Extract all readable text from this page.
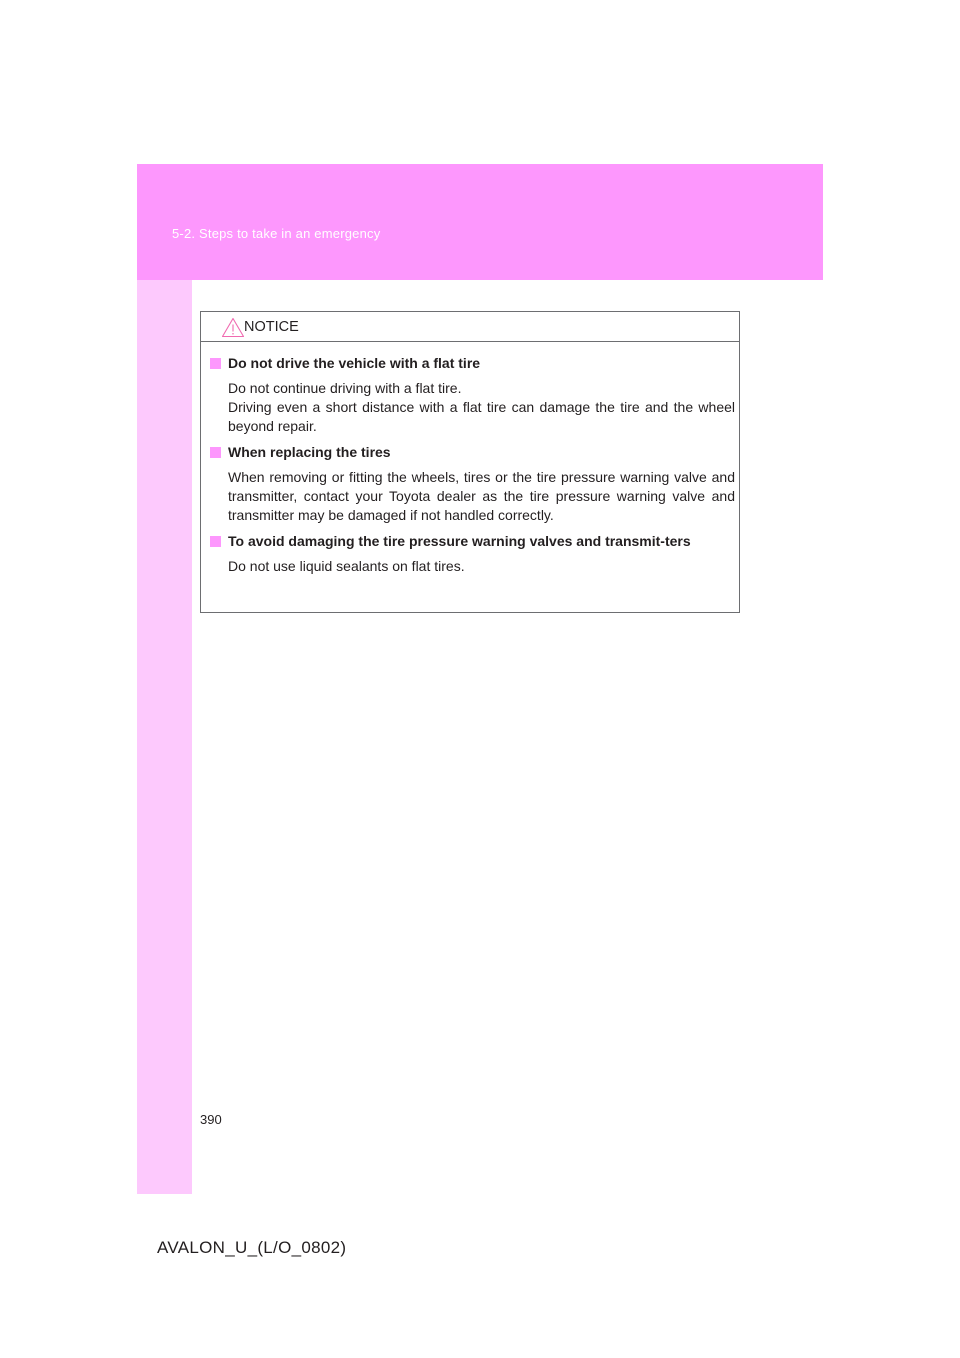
5-2. Steps to take in an emergency
NOTICE
Do not drive the vehicle with a flat tire

Do not continue driving with a flat tire.

Driving even a short distance with a flat tire can damage the tire and the wheel beyond repair.

When replacing the tires

When removing or fitting the wheels, tires or the tire pressure warning valve and transmitter, contact your Toyota dealer as the tire pressure warning valve and transmitter may be damaged if not handled correctly.

To avoid damaging the tire pressure warning valves and transmit-ters

Do not use liquid sealants on flat tires.

390
AVALON_U_(L/O_0802)
